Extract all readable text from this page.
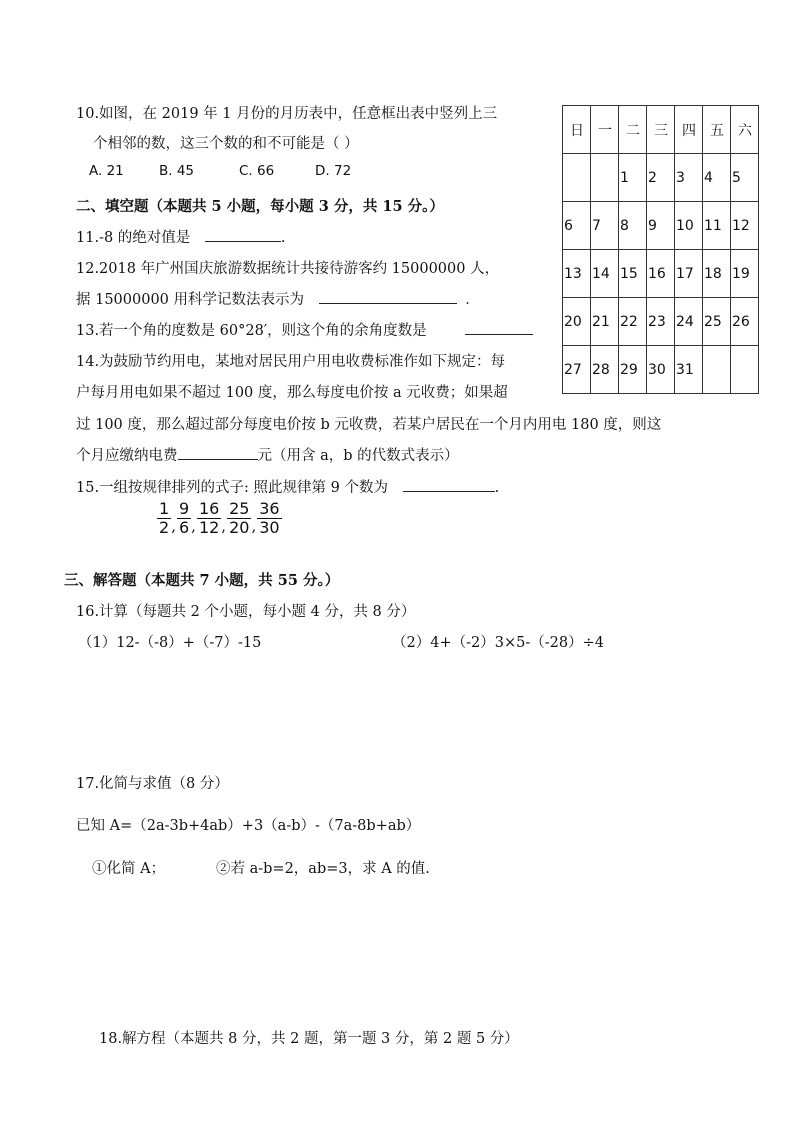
10.如图，在 2019 年 1 月份的月历表中，任意框出表中竖列上三
个相邻的数，这三个数的和不可能是（ ）
A. 21	B. 45	C. 66	D. 72
日	一	二	三	四	五	六
		1	2	3	4	5
6	7	8	9	10	11	12
13	14	15	16	17	18	19
20	21	22	23	24	25	26
27	28	29	30	31		
二、填空题（本题共 5 小题，每小题 3 分，共 15 分。）
11.-8 的绝对值是	.
12.2018 年广州国庆旅游数据统计共接待游客约 15000000 人，
据 15000000 用科学记数法表示为	．
13.若一个角的度数是 60°28′，则这个角的余角度数是
14.为鼓励节约用电，某地对居民用户用电收费标准作如下规定：每
户每月用电如果不超过 100 度，那么每度电价按 a 元收费；如果超
过 100 度，那么超过部分每度电价按 b 元收费，若某户居民在一个月内用电 180 度，则这
个月应缴纳电费	元（用含 a，b 的代数式表示）
15.一组按规律排列的式子: 照此规律第 9 个数为	.
$\frac{1}{2}$ , $\frac{9}{6}$ , $\frac{16}{12}$ , $\frac{25}{20}$ , $\frac{36}{30}$
三、解答题（本题共 7 小题，共 55 分。）
16.计算（每题共 2 个小题，每小题 4 分，共 8 分）
（1）12-（-8）+（-7）-15	（2）4+（-2）3×5-（-28）÷4
17.化简与求值（8 分）
已知 A=（2a-3b+4ab）+3（a-b）-（7a-8b+ab）
①化简 A；	②若 a-b=2，ab=3，求 A 的值.
18.解方程（本题共 8 分，共 2 题，第一题 3 分，第 2 题 5 分）
